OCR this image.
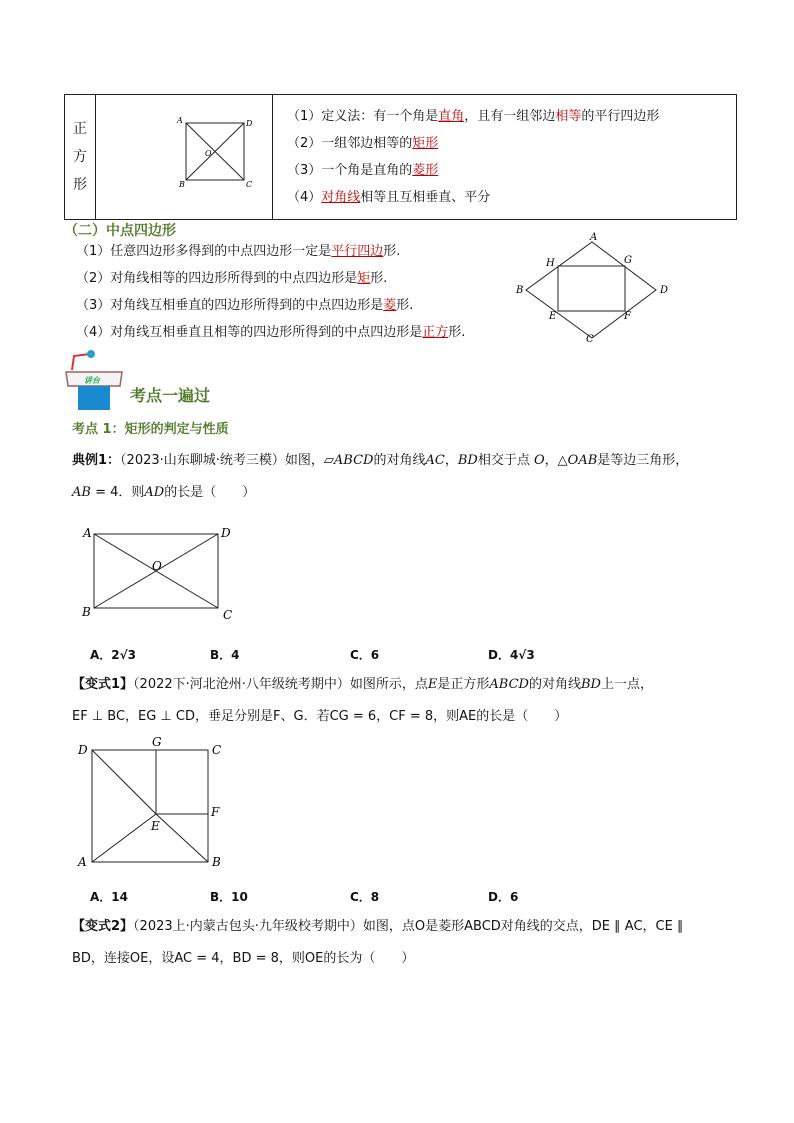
正
方
形

A	D
B	C
O

（1）定义法：有一个角是直角，且有一组邻边相等的平行四边形
（2）一组邻边相等的矩形
（3）一个角是直角的菱形
（4）对角线相等且互相垂直、平分
（二）中点四边形
（1）任意四边形多得到的中点四边形一定是平行四边形.
（2）对角线相等的四边形所得到的中点四边形是矩形.
（3）对角线互相垂直的四边形所得到的中点四边形是菱形.
（4）对角线互相垂直且相等的四边形所得到的中点四边形是正方形.
A
H	G
B	D
E	F
C
讲台
考点一遍过
考点 1：矩形的判定与性质
典例1：（2023·山东聊城·统考三模）如图，▱ABCD的对角线AC，BD相交于点 O，△OAB是等边三角形，
AB = 4．则AD的长是（　　）
A	D
B	C
O
A．2√3	B．4	C．6	D．4√3
【变式1】（2022下·河北沧州·八年级统考期中）如图所示，点E是正方形ABCD的对角线BD上一点，
EF ⊥ BC，EG ⊥ CD，垂足分别是F、G．若CG = 6，CF = 8，则AE的长是（　　）
D
G
C
F
E
A	B
A．14	B．10	C．8	D．6
【变式2】（2023上·内蒙古包头·九年级校考期中）如图，点O是菱形ABCD对角线的交点，DE ∥ AC，CE ∥
BD，连接OE，设AC = 4，BD = 8，则OE的长为（　　）
